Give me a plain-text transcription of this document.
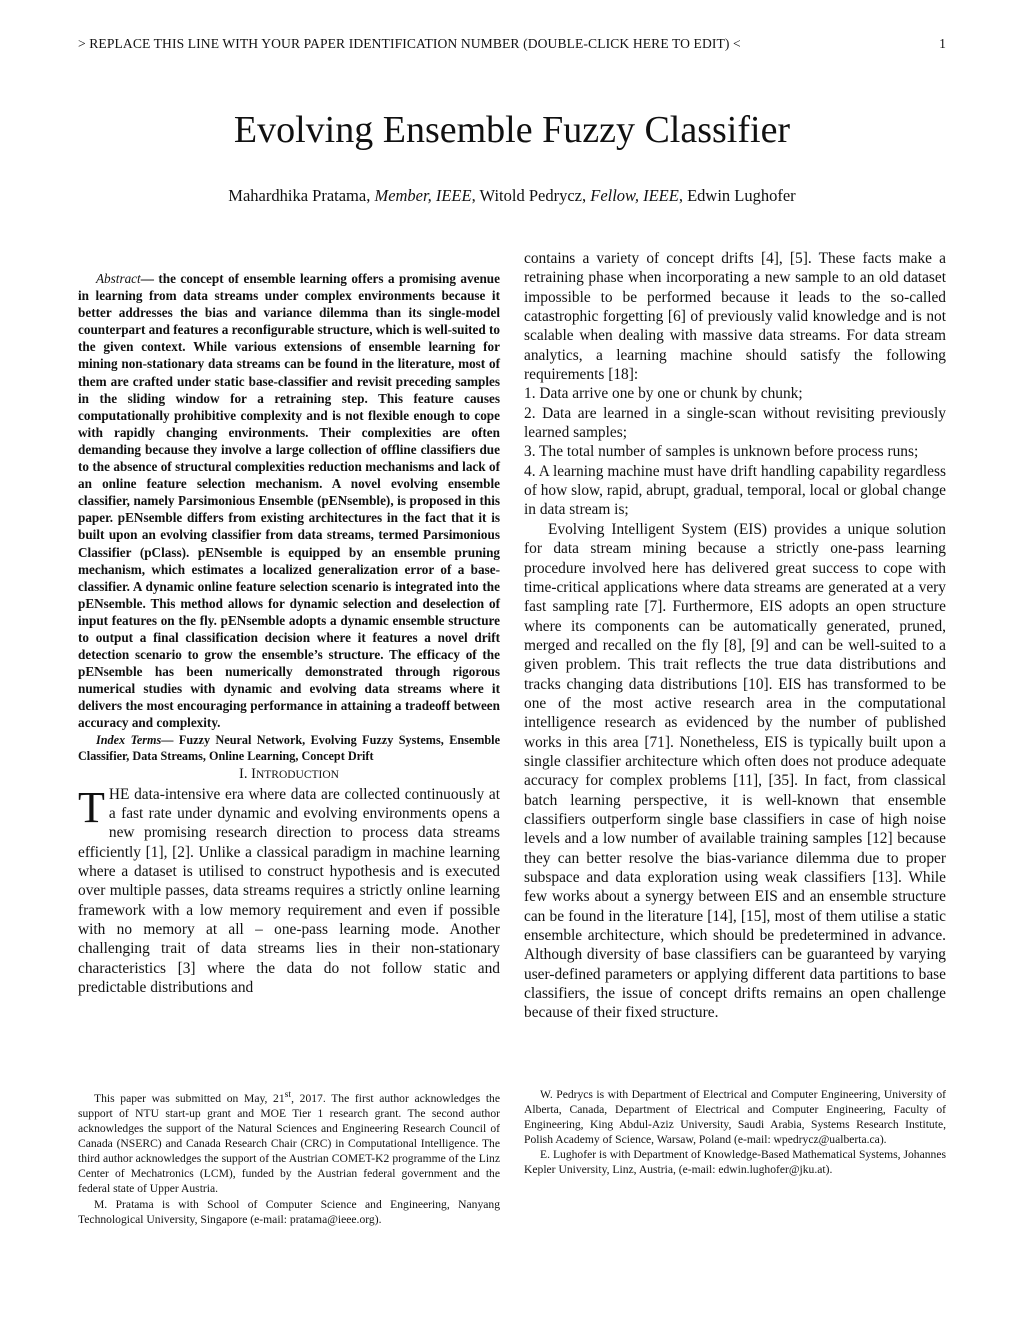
> REPLACE THIS LINE WITH YOUR PAPER IDENTIFICATION NUMBER (DOUBLE-CLICK HERE TO EDIT) <	1
Evolving Ensemble Fuzzy Classifier
Mahardhika Pratama, Member, IEEE, Witold Pedrycz, Fellow, IEEE, Edwin Lughofer

Abstract— the concept of ensemble learning offers a promising avenue in learning from data streams under complex environments because it better addresses the bias and variance dilemma than its single-model counterpart and features a reconfigurable structure, which is well-suited to the given context. While various extensions of ensemble learning for mining non-stationary data streams can be found in the literature, most of them are crafted under static base-classifier and revisit preceding samples in the sliding window for a retraining step. This feature causes computationally prohibitive complexity and is not flexible enough to cope with rapidly changing environments. Their complexities are often demanding because they involve a large collection of offline classifiers due to the absence of structural complexities reduction mechanisms and lack of an online feature selection mechanism. A novel evolving ensemble classifier, namely Parsimonious Ensemble (pENsemble), is proposed in this paper. pENsemble differs from existing architectures in the fact that it is built upon an evolving classifier from data streams, termed Parsimonious Classifier (pClass). pENsemble is equipped by an ensemble pruning mechanism, which estimates a localized generalization error of a base-classifier. A dynamic online feature selection scenario is integrated into the pENsemble. This method allows for dynamic selection and deselection of input features on the fly. pENsemble adopts a dynamic ensemble structure to output a final classification decision where it features a novel drift detection scenario to grow the ensemble’s structure. The efficacy of the pENsemble has been numerically demonstrated through rigorous numerical studies with dynamic and evolving data streams where it delivers the most encouraging performance in attaining a tradeoff between accuracy and complexity.

Index Terms— Fuzzy Neural Network, Evolving Fuzzy Systems, Ensemble Classifier, Data Streams, Online Learning, Concept Drift

I. INTRODUCTION

THE data-intensive era where data are collected continuously at a fast rate under dynamic and evolving environments opens a new promising research direction to process data streams efficiently [1], [2]. Unlike a classical paradigm in machine learning where a dataset is utilised to construct hypothesis and is executed over multiple passes, data streams requires a strictly online learning framework with a low memory requirement and even if possible with no memory at all – one-pass learning mode. Another challenging trait of data streams lies in their non-stationary characteristics [3] where the data do not follow static and predictable distributions and

contains a variety of concept drifts [4], [5]. These facts make a retraining phase when incorporating a new sample to an old dataset impossible to be performed because it leads to the so-called catastrophic forgetting [6] of previously valid knowledge and is not scalable when dealing with massive data streams. For data stream analytics, a learning machine should satisfy the following requirements [18]:

1. Data arrive one by one or chunk by chunk;

2. Data are learned in a single-scan without revisiting previously learned samples;

3. The total number of samples is unknown before process runs;

4. A learning machine must have drift handling capability regardless of how slow, rapid, abrupt, gradual, temporal, local or global change in data stream is;

Evolving Intelligent System (EIS) provides a unique solution for data stream mining because a strictly one-pass learning procedure involved here has delivered great success to cope with time-critical applications where data streams are generated at a very fast sampling rate [7]. Furthermore, EIS adopts an open structure where its components can be automatically generated, pruned, merged and recalled on the fly [8], [9] and can be well-suited to a given problem. This trait reflects the true data distributions and tracks changing data distributions [10]. EIS has transformed to be one of the most active research area in the computational intelligence research as evidenced by the number of published works in this area [71]. Nonetheless, EIS is typically built upon a single classifier architecture which often does not produce adequate accuracy for complex problems [11], [35]. In fact, from classical batch learning perspective, it is well-known that ensemble classifiers outperform single base classifiers in case of high noise levels and a low number of available training samples [12] because they can better resolve the bias-variance dilemma due to proper subspace and data exploration using weak classifiers [13]. While few works about a synergy between EIS and an ensemble structure can be found in the literature [14], [15], most of them utilise a static ensemble architecture, which should be predetermined in advance. Although diversity of base classifiers can be guaranteed by varying user-defined parameters or applying different data partitions to base classifiers, the issue of concept drifts remains an open challenge because of their fixed structure.

This paper was submitted on May, 21st, 2017. The first author acknowledges the support of NTU start-up grant and MOE Tier 1 research grant. The second author acknowledges the support of the Natural Sciences and Engineering Research Council of Canada (NSERC) and Canada Research Chair (CRC) in Computational Intelligence. The third author acknowledges the support of the Austrian COMET-K2 programme of the Linz Center of Mechatronics (LCM), funded by the Austrian federal government and the federal state of Upper Austria.

M. Pratama is with School of Computer Science and Engineering, Nanyang Technological University, Singapore (e-mail: pratama@ieee.org).

W. Pedrycs is with Department of Electrical and Computer Engineering, University of Alberta, Canada, Department of Electrical and Computer Engineering, Faculty of Engineering, King Abdul-Aziz University, Saudi Arabia, Systems Research Institute, Polish Academy of Science, Warsaw, Poland (e-mail: wpedrycz@ualberta.ca).

E. Lughofer is with Department of Knowledge-Based Mathematical Systems, Johannes Kepler University, Linz, Austria, (e-mail: edwin.lughofer@jku.at).
